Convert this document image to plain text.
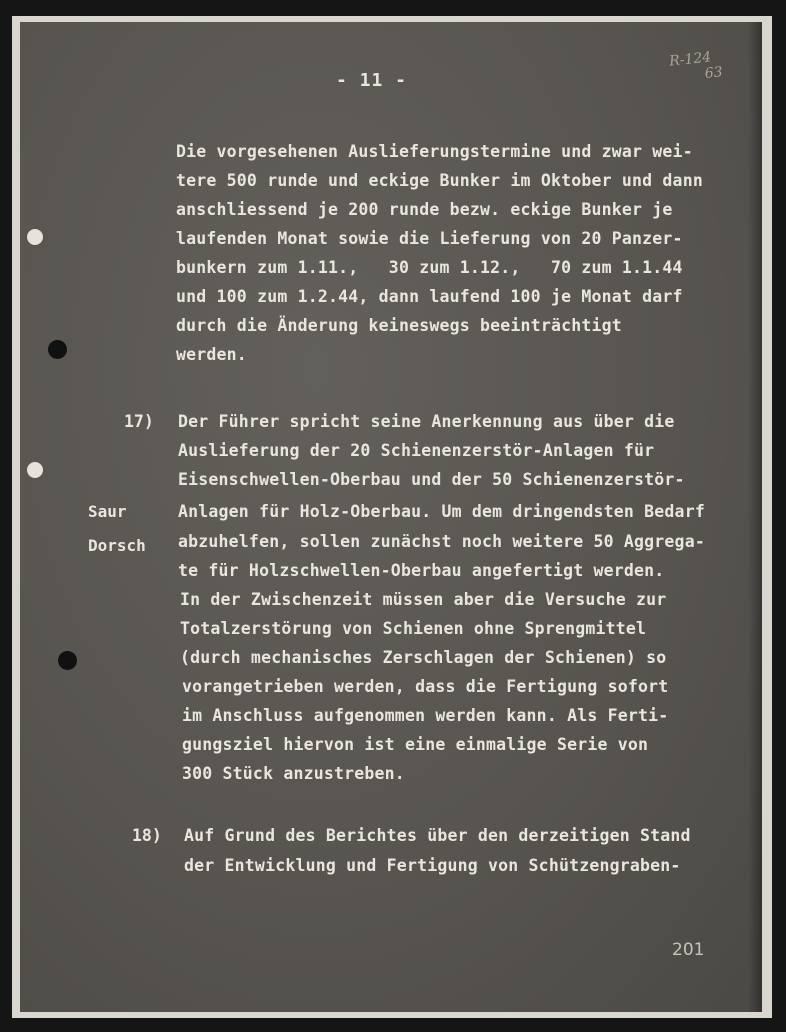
R-124
63
- 11 -
Die vorgesehenen Auslieferungstermine und zwar wei-
tere 500 runde und eckige Bunker im Oktober und dann
anschliessend je 200 runde bezw. eckige Bunker je
laufenden Monat sowie die Lieferung von 20 Panzer-
bunkern zum 1.11.,   30 zum 1.12.,   70 zum 1.1.44
und 100 zum 1.2.44, dann laufend 100 je Monat darf
durch die Änderung keineswegs beeinträchtigt
werden.
17)
Saur
Dorsch
Der Führer spricht seine Anerkennung aus über die
Auslieferung der 20 Schienenzerstör-Anlagen für
Eisenschwellen-Oberbau und der 50 Schienenzerstör-
Anlagen für Holz-Oberbau. Um dem dringendsten Bedarf
abzuhelfen, sollen zunächst noch weitere 50 Aggrega-
te für Holzschwellen-Oberbau angefertigt werden.
In der Zwischenzeit müssen aber die Versuche zur
Totalzerstörung von Schienen ohne Sprengmittel
(durch mechanisches Zerschlagen der Schienen) so
vorangetrieben werden, dass die Fertigung sofort
im Anschluss aufgenommen werden kann. Als Ferti-
gungsziel hiervon ist eine einmalige Serie von
300 Stück anzustreben.
18) Auf Grund des Berichtes über den derzeitigen Stand
der Entwicklung und Fertigung von Schützengraben-
201
